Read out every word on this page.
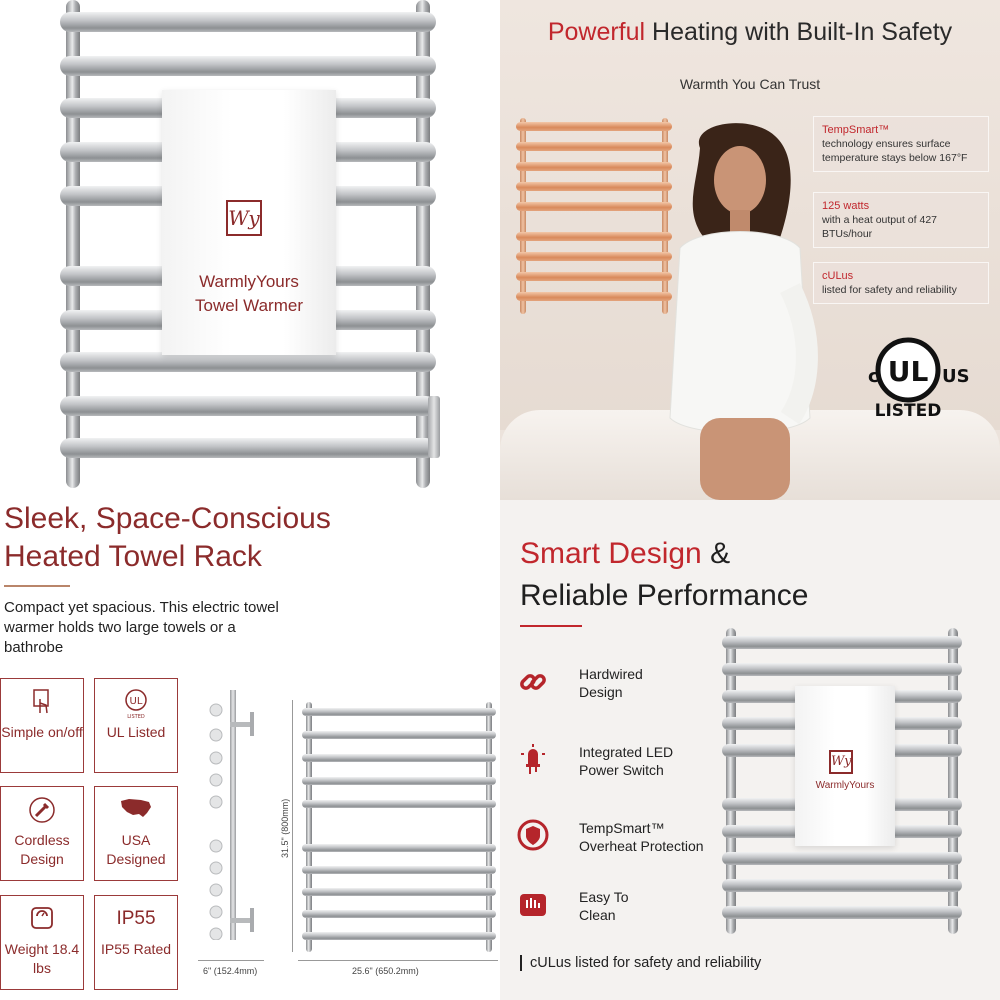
Wy
WarmlyYours
Towel Warmer
Powerful Heating with Built-In Safety
Warmth You Can Trust
TempSmart™
technology ensures surface temperature stays below 167°F
125 watts
with a heat output of 427 BTUs/hour
cULus
listed for safety and reliability
UL
c	US
LISTED
Sleek, Space-Conscious
Heated Towel Rack
Compact yet spacious. This electric towel warmer holds two large towels or a bathrobe
Simple on/off
UL
LISTED
UL Listed
Cordless Design
USA Designed
Weight 18.4 lbs
IP55
IP55 Rated
31.5" (800mm)
6" (152.4mm)	25.6" (650.2mm)
Smart Design &
Reliable Performance
Hardwired Design
Integrated LED Power Switch
TempSmart™ Overheat Protection
Easy To Clean
Wy
WarmlyYours
cULus listed for safety and reliability
